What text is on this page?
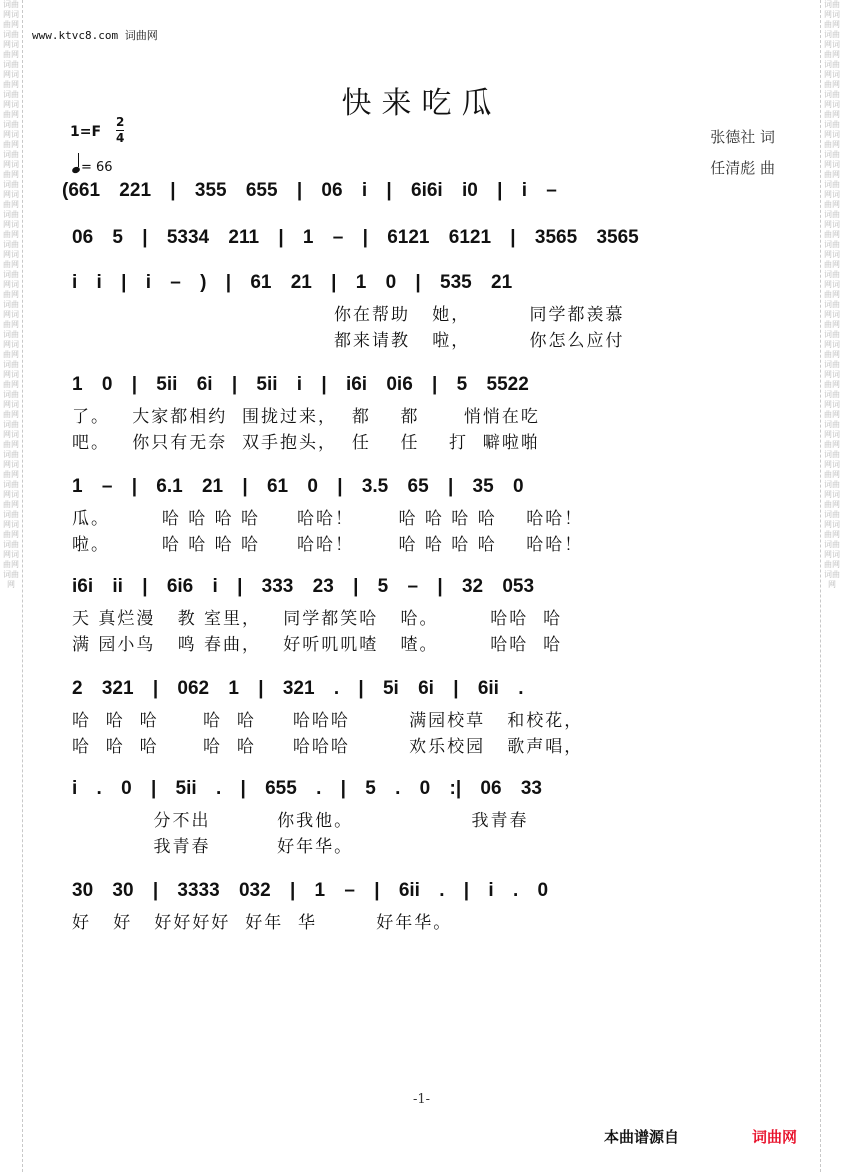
词曲网词曲网词曲网词曲网词曲网词曲网词曲网词曲网词曲网词曲网词曲网词曲网词曲网词曲网词曲网词曲网词曲网词曲网词曲网词曲网词曲网词曲网词曲网词曲网词曲网词曲网词曲网词曲网词曲网词曲网词曲网词曲网词曲网词曲网词曲网词曲网词曲网词曲网词曲网
词曲网词曲网词曲网词曲网词曲网词曲网词曲网词曲网词曲网词曲网词曲网词曲网词曲网词曲网词曲网词曲网词曲网词曲网词曲网词曲网词曲网词曲网词曲网词曲网词曲网词曲网词曲网词曲网词曲网词曲网词曲网词曲网词曲网词曲网词曲网词曲网词曲网词曲网词曲网
www.ktvc8.com 词曲网
快来吃瓜
1=F
2
4
= 66
张德社 词
任清彪 曲
(661 221 | 355 655 | 06 i | 6i6i i0 | i –
06 5 | 5334 211 | 1 – | 6121 6121 | 3565 3565
i i | i – ) | 61 21 | 1 0 | 535 21
你在帮助   她，        同学都羡慕
都来请教   啦，        你怎么应付
1 0 | 5ii 6i | 5ii i | i6i 0i6 | 5 5522
了。   大家都相约  围拢过来，  都    都      悄悄在吃
吧。   你只有无奈  双手抱头，  任    任    打  噼啦啪
1 – | 6.1 21 | 61 0 | 3.5 65 | 35 0
瓜。       哈 哈 哈 哈     哈哈！      哈 哈 哈 哈    哈哈！
啦。       哈 哈 哈 哈     哈哈！      哈 哈 哈 哈    哈哈！
i6i ii | 6i6 i | 333 23 | 5 – | 32 053
天 真烂漫   教 室里，   同学都笑哈   哈。       哈哈  哈
满 园小鸟   鸣 春曲，   好听叽叽喳   喳。       哈哈  哈
2 321 | 062 1 | 321 . | 5i 6i | 6ii .
哈  哈  哈      哈  哈     哈哈哈        满园校草   和校花，
哈  哈  哈      哈  哈     哈哈哈        欢乐校园   歌声唱，
i . 0 | 5ii . | 655 . | 5 . 0 :| 06 33
分不出         你我他。                我青春
我青春         好年华。
30 30 | 3333 032 | 1 – | 6ii . | i . 0
好   好   好好好好  好年  华        好年华。
-1-
本曲谱源自	词曲网
